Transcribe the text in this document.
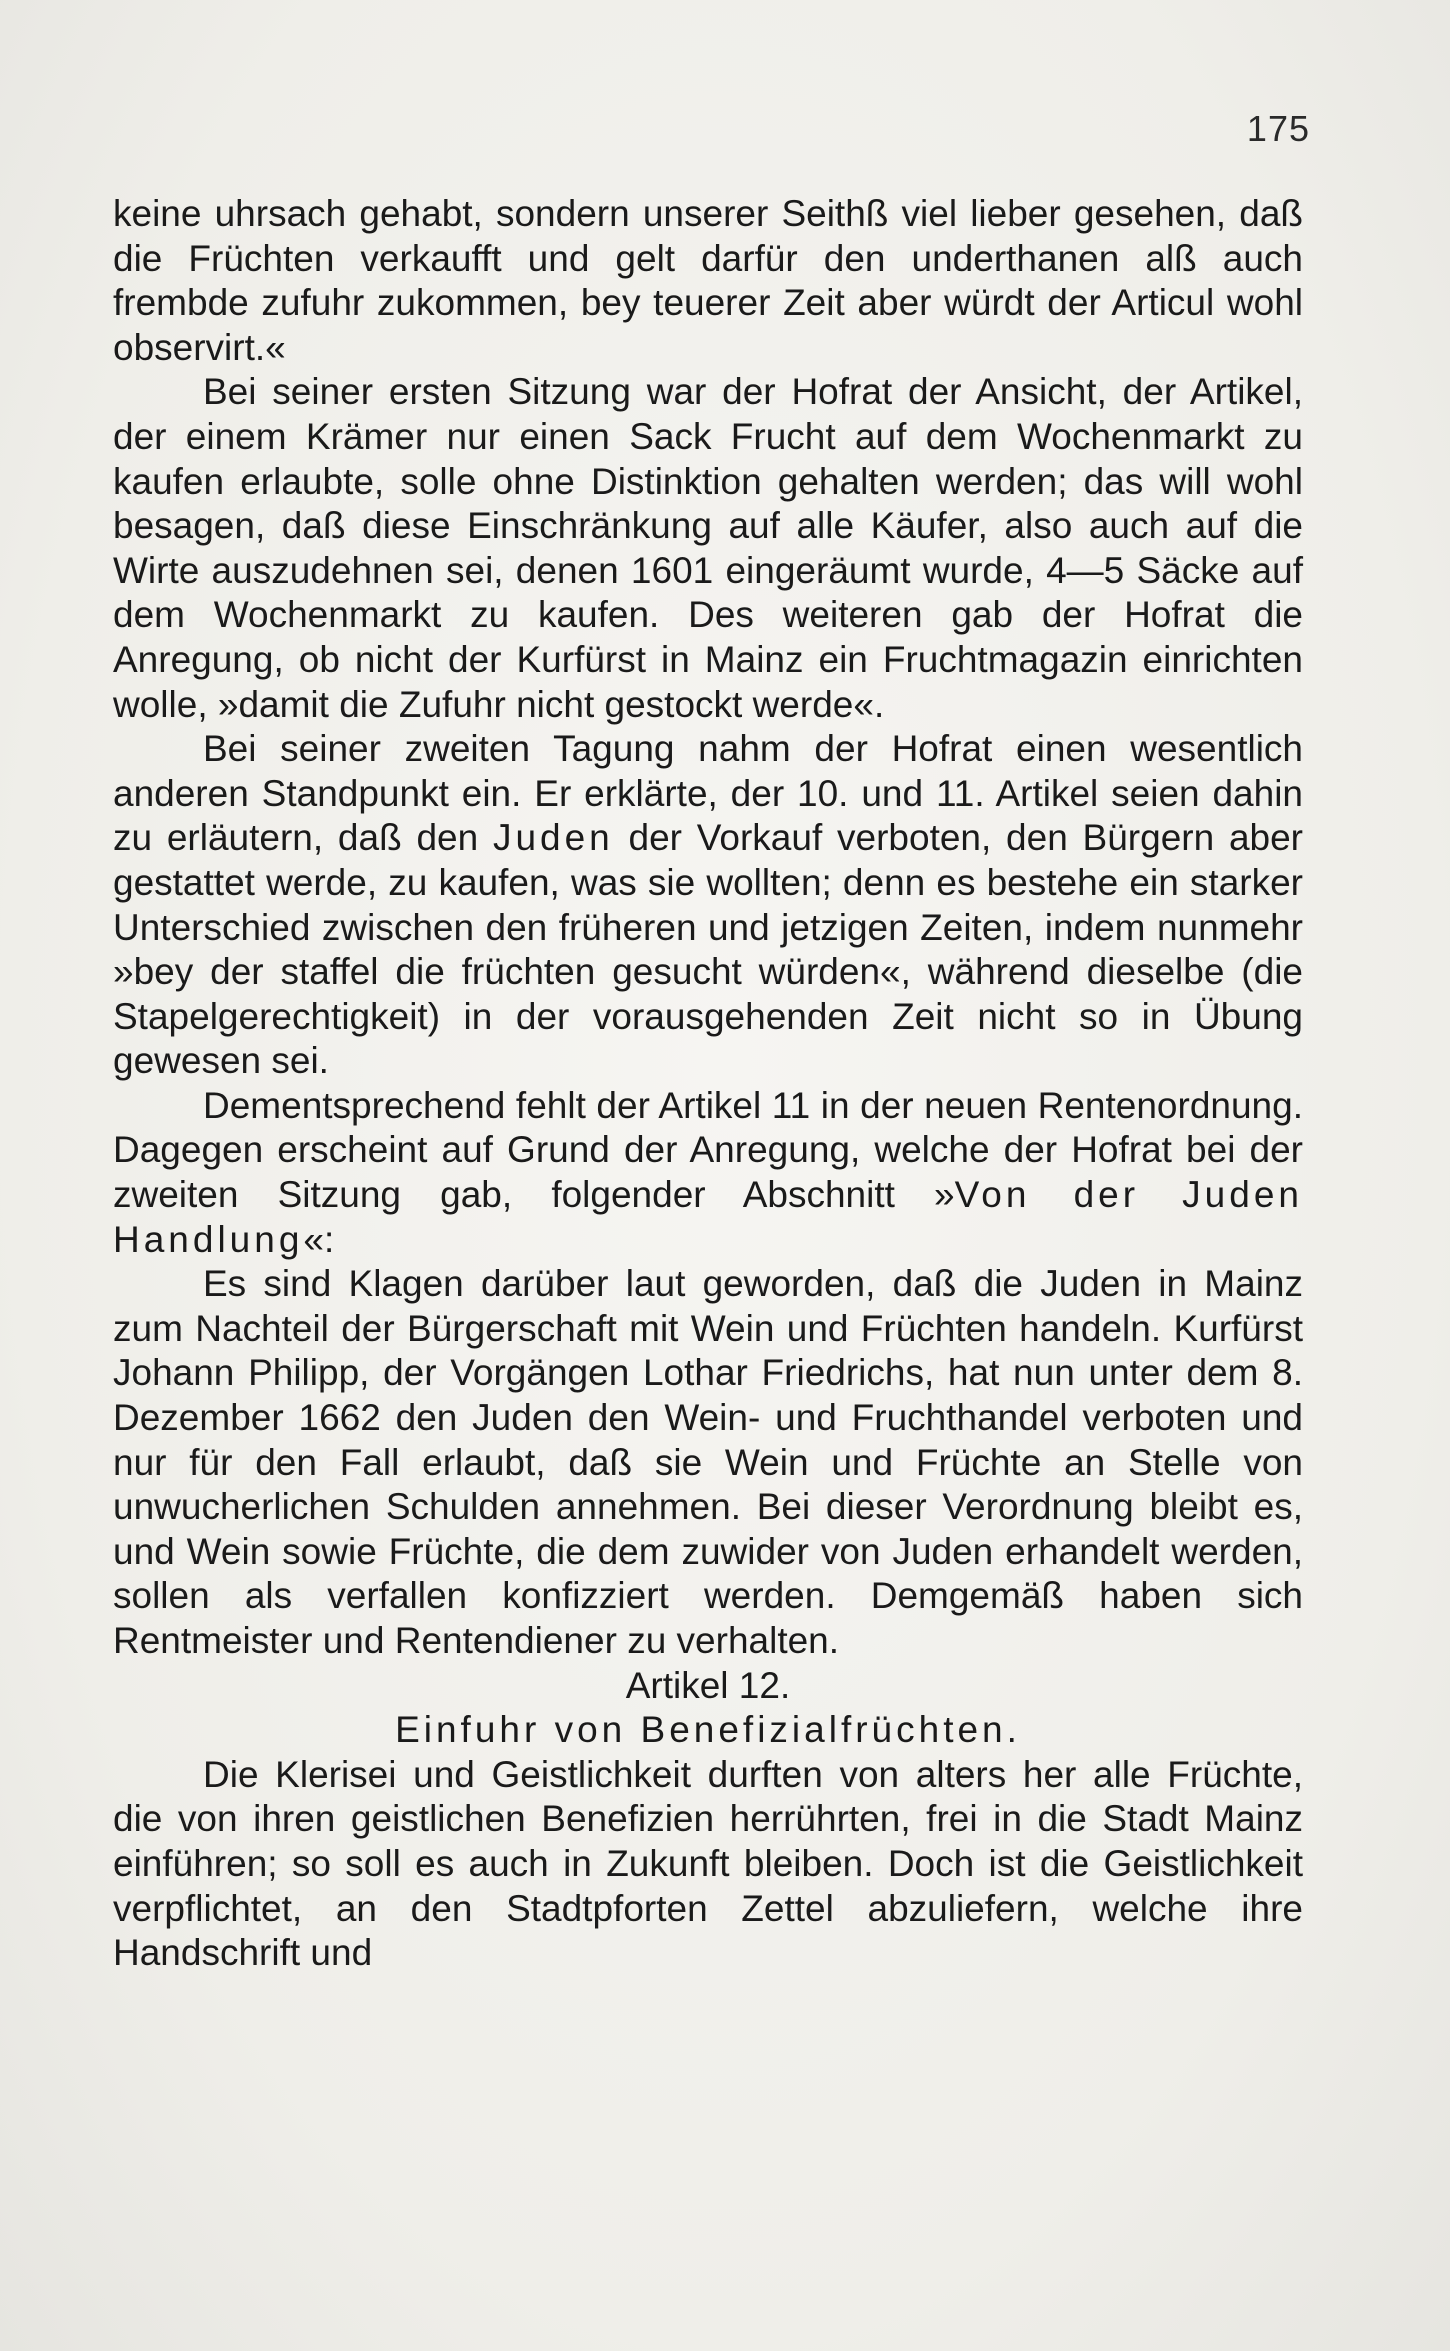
175

keine uhrsach gehabt, sondern unserer Seithß viel lieber gesehen, daß die Früchten verkaufft und gelt darfür den underthanen alß auch frembde zufuhr zukommen, bey teuerer Zeit aber würdt der Articul wohl observirt.«

Bei seiner ersten Sitzung war der Hofrat der Ansicht, der Artikel, der einem Krämer nur einen Sack Frucht auf dem Wochenmarkt zu kaufen erlaubte, solle ohne Distinktion gehalten werden; das will wohl besagen, daß diese Einschränkung auf alle Käufer, also auch auf die Wirte auszudehnen sei, denen 1601 eingeräumt wurde, 4—5 Säcke auf dem Wochenmarkt zu kaufen. Des weiteren gab der Hofrat die Anregung, ob nicht der Kurfürst in Mainz ein Fruchtmagazin einrichten wolle, »damit die Zufuhr nicht gestockt werde«.

Bei seiner zweiten Tagung nahm der Hofrat einen wesentlich anderen Standpunkt ein. Er erklärte, der 10. und 11. Artikel seien dahin zu erläutern, daß den Juden der Vorkauf verboten, den Bürgern aber gestattet werde, zu kaufen, was sie wollten; denn es bestehe ein starker Unterschied zwischen den früheren und jetzigen Zeiten, indem nunmehr »bey der staffel die früchten gesucht würden«, während dieselbe (die Stapelgerechtigkeit) in der vorausgehenden Zeit nicht so in Übung gewesen sei.

Dementsprechend fehlt der Artikel 11 in der neuen Rentenordnung. Dagegen erscheint auf Grund der Anregung, welche der Hofrat bei der zweiten Sitzung gab, folgender Abschnitt »Von der Juden Handlung«:

Es sind Klagen darüber laut geworden, daß die Juden in Mainz zum Nachteil der Bürgerschaft mit Wein und Früchten handeln. Kurfürst Johann Philipp, der Vorgängen Lothar Friedrichs, hat nun unter dem 8. Dezember 1662 den Juden den Wein- und Fruchthandel verboten und nur für den Fall erlaubt, daß sie Wein und Früchte an Stelle von unwucherlichen Schulden annehmen. Bei dieser Verordnung bleibt es, und Wein sowie Früchte, die dem zuwider von Juden erhandelt werden, sollen als verfallen konfizziert werden. Demgemäß haben sich Rentmeister und Rentendiener zu verhalten.

Artikel 12.

Einfuhr von Benefizialfrüchten.

Die Klerisei und Geistlichkeit durften von alters her alle Früchte, die von ihren geistlichen Benefizien herrührten, frei in die Stadt Mainz einführen; so soll es auch in Zukunft bleiben. Doch ist die Geistlichkeit verpflichtet, an den Stadtpforten Zettel abzuliefern, welche ihre Handschrift und
